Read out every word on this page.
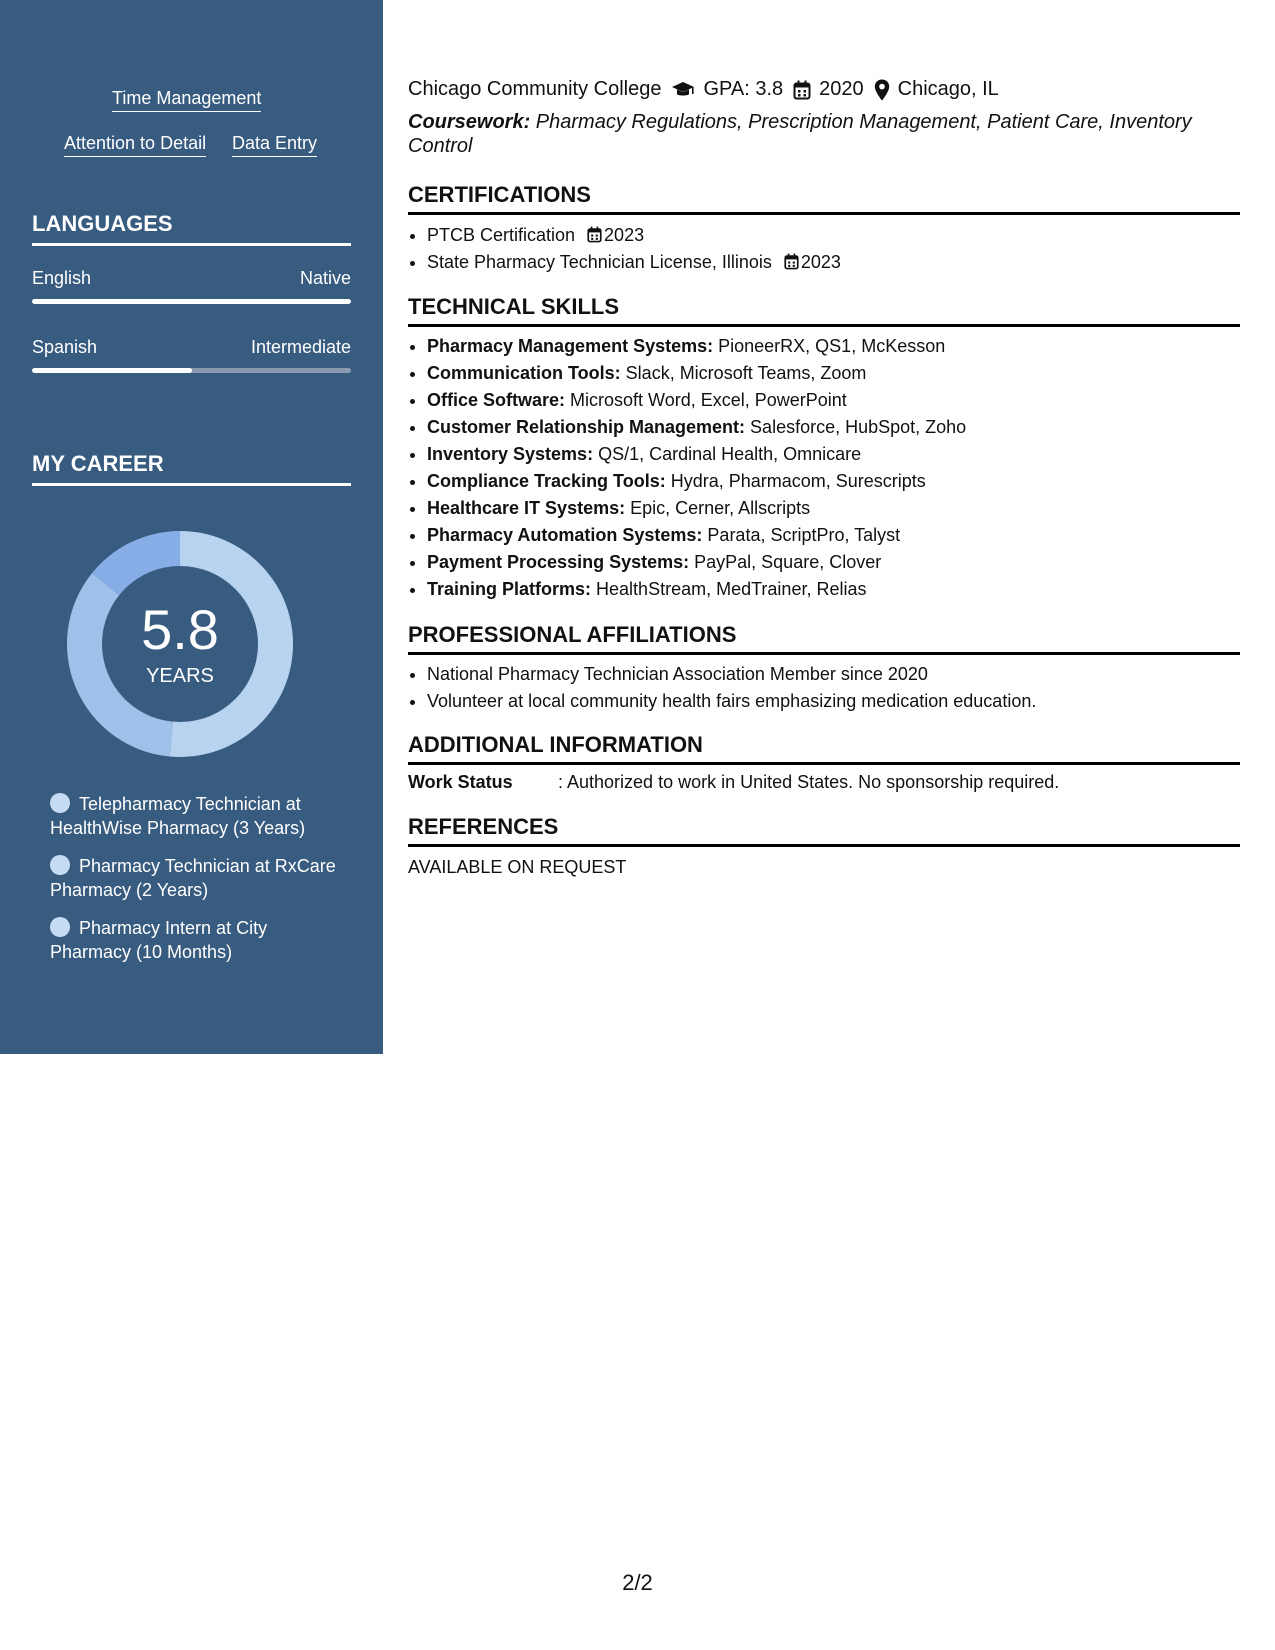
Time Management
Attention to Detail Data Entry
LANGUAGES
English	Native
Spanish	Intermediate
MY CAREER
5.8
YEARS
Telepharmacy Technician at HealthWise Pharmacy (3 Years)
Pharmacy Technician at RxCare Pharmacy (2 Years)
Pharmacy Intern at City Pharmacy (10 Months)
Chicago Community College GPA: 3.8 2020 Chicago, IL
Coursework: Pharmacy Regulations, Prescription Management, Patient Care, Inventory Control
CERTIFICATIONS
• PTCB Certification 2023
• State Pharmacy Technician License, Illinois 2023
TECHNICAL SKILLS
• Pharmacy Management Systems: PioneerRX, QS1, McKesson
• Communication Tools: Slack, Microsoft Teams, Zoom
• Office Software: Microsoft Word, Excel, PowerPoint
• Customer Relationship Management: Salesforce, HubSpot, Zoho
• Inventory Systems: QS/1, Cardinal Health, Omnicare
• Compliance Tracking Tools: Hydra, Pharmacom, Surescripts
• Healthcare IT Systems: Epic, Cerner, Allscripts
• Pharmacy Automation Systems: Parata, ScriptPro, Talyst
• Payment Processing Systems: PayPal, Square, Clover
• Training Platforms: HealthStream, MedTrainer, Relias
PROFESSIONAL AFFILIATIONS
• National Pharmacy Technician Association Member since 2020
• Volunteer at local community health fairs emphasizing medication education.
ADDITIONAL INFORMATION
Work Status	: Authorized to work in United States. No sponsorship required.
REFERENCES
AVAILABLE ON REQUEST
2/2
